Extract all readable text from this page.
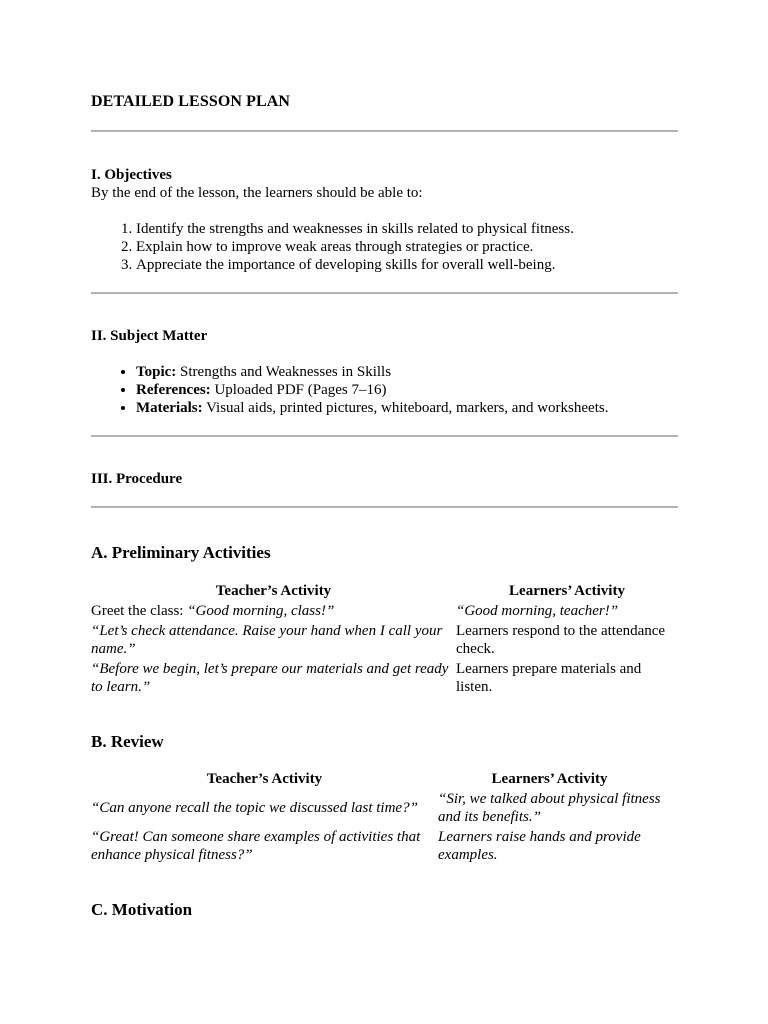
DETAILED LESSON PLAN
I. Objectives
By the end of the lesson, the learners should be able to:
1. Identify the strengths and weaknesses in skills related to physical fitness.
2. Explain how to improve weak areas through strategies or practice.
3. Appreciate the importance of developing skills for overall well-being.
II. Subject Matter
• Topic: Strengths and Weaknesses in Skills
• References: Uploaded PDF (Pages 7–16)
• Materials: Visual aids, printed pictures, whiteboard, markers, and worksheets.
III. Procedure
A. Preliminary Activities
Teacher’s Activity	Learners’ Activity
Greet the class: “Good morning, class!”	“Good morning, teacher!”
“Let’s check attendance. Raise your hand when I call your name.”	Learners respond to the attendance check.
“Before we begin, let’s prepare our materials and get ready to learn.”	Learners prepare materials and listen.
B. Review
Teacher’s Activity	Learners’ Activity
“Can anyone recall the topic we discussed last time?”	“Sir, we talked about physical fitness and its benefits.”
“Great! Can someone share examples of activities that enhance physical fitness?”	Learners raise hands and provide examples.
C. Motivation
